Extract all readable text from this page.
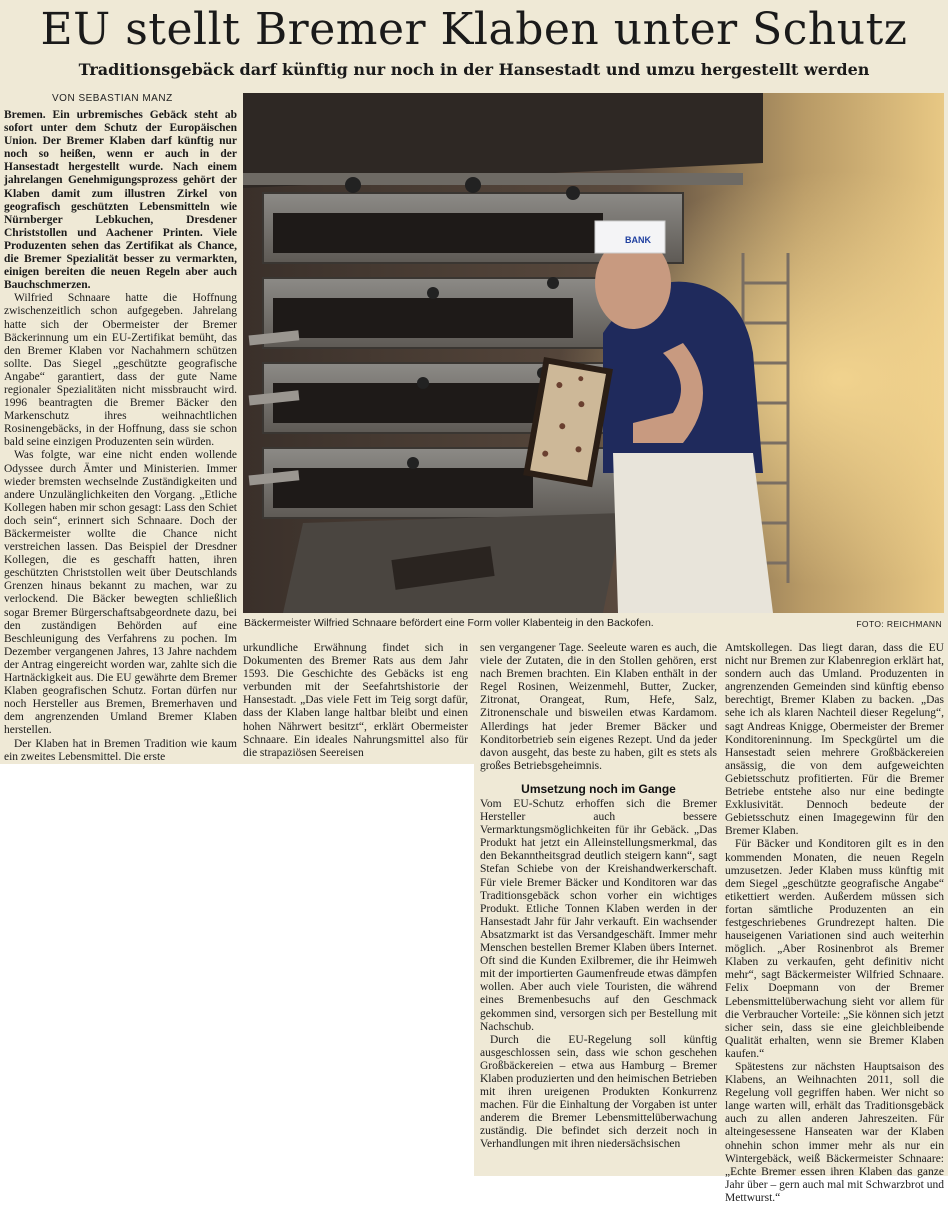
EU stellt Bremer Klaben unter Schutz
Traditionsgebäck darf künftig nur noch in der Hansestadt und umzu hergestellt werden
VON SEBASTIAN MANZ

Bremen. Ein urbremisches Gebäck steht ab sofort unter dem Schutz der Europäischen Union. Der Bremer Klaben darf künftig nur noch so heißen, wenn er auch in der Hansestadt hergestellt wurde. Nach einem jahrelangen Genehmigungsprozess gehört der Klaben damit zum illustren Zirkel von geografisch geschützten Lebensmitteln wie Nürnberger Lebkuchen, Dresdener Christstollen und Aachener Printen. Viele Produzenten sehen das Zertifikat als Chance, die Bremer Spezialität besser zu vermarkten, einigen bereiten die neuen Regeln aber auch Bauchschmerzen.

Wilfried Schnaare hatte die Hoffnung zwischenzeitlich schon aufgegeben. Jahrelang hatte sich der Obermeister der Bremer Bäckerinnung um ein EU-Zertifikat bemüht, das den Bremer Klaben vor Nachahmern schützen sollte. Das Siegel „geschützte geografische Angabe“ garantiert, dass der gute Name regionaler Spezialitäten nicht missbraucht wird. 1996 beantragten die Bremer Bäcker den Markenschutz ihres weihnachtlichen Rosinengebäcks, in der Hoffnung, dass sie schon bald seine einzigen Produzenten sein würden.

Was folgte, war eine nicht enden wollende Odyssee durch Ämter und Ministerien. Immer wieder bremsten wechselnde Zuständigkeiten und andere Unzulänglichkeiten den Vorgang. „Etliche Kollegen haben mir schon gesagt: Lass den Schiet doch sein“, erinnert sich Schnaare. Doch der Bäckermeister wollte die Chance nicht verstreichen lassen. Das Beispiel der Dresdner Kollegen, die es geschafft hatten, ihren geschützten Christstollen weit über Deutschlands Grenzen hinaus bekannt zu machen, war zu verlockend. Die Bäcker bewegten schließlich sogar Bremer Bürgerschaftsabgeordnete dazu, bei den zuständigen Behörden auf eine Beschleunigung des Verfahrens zu pochen. Im Dezember vergangenen Jahres, 13 Jahre nachdem der Antrag eingereicht worden war, zahlte sich die Hartnäckigkeit aus. Die EU gewährte dem Bremer Klaben geografischen Schutz. Fortan dürfen nur noch Hersteller aus Bremen, Bremerhaven und dem angrenzenden Umland Bremer Klaben herstellen.

Der Klaben hat in Bremen Tradition wie kaum ein zweites Lebensmittel. Die erste

BANK
Bäckermeister Wilfried Schnaare befördert eine Form voller Klabenteig in den Backofen.	FOTO: REICHMANN

urkundliche Erwähnung findet sich in Dokumenten des Bremer Rats aus dem Jahr 1593. Die Geschichte des Gebäcks ist eng verbunden mit der Seefahrtshistorie der Hansestadt. „Das viele Fett im Teig sorgt dafür, dass der Klaben lange haltbar bleibt und einen hohen Nährwert besitzt“, erklärt Obermeister Schnaare. Ein ideales Nahrungsmittel also für die strapaziösen Seereisen

sen vergangener Tage. Seeleute waren es auch, die viele der Zutaten, die in den Stollen gehören, erst nach Bremen brachten. Ein Klaben enthält in der Regel Rosinen, Weizenmehl, Butter, Zucker, Zitronat, Orangeat, Rum, Hefe, Salz, Zitronenschale und bisweilen etwas Kardamom. Allerdings hat jeder Bremer Bäcker und Konditorbetrieb sein eigenes Rezept. Und da jeder davon ausgeht, das beste zu haben, gilt es stets als großes Betriebsgeheimnis.

Umsetzung noch im Gange

Vom EU-Schutz erhoffen sich die Bremer Hersteller auch bessere Vermarktungsmöglichkeiten für ihr Gebäck. „Das Produkt hat jetzt ein Alleinstellungsmerkmal, das den Bekanntheitsgrad deutlich steigern kann“, sagt Stefan Schiebe von der Kreishandwerkerschaft. Für viele Bremer Bäcker und Konditoren war das Traditionsgebäck schon vorher ein wichtiges Produkt. Etliche Tonnen Klaben werden in der Hansestadt Jahr für Jahr verkauft. Ein wachsender Absatzmarkt ist das Versandgeschäft. Immer mehr Menschen bestellen Bremer Klaben übers Internet. Oft sind die Kunden Exilbremer, die ihr Heimweh mit der importierten Gaumenfreude etwas dämpfen wollen. Aber auch viele Touristen, die während eines Bremenbesuchs auf den Geschmack gekommen sind, versorgen sich per Bestellung mit Nachschub.

Durch die EU-Regelung soll künftig ausgeschlossen sein, dass wie schon geschehen Großbäckereien – etwa aus Hamburg – Bremer Klaben produzierten und den heimischen Betrieben mit ihren ureigenen Produkten Konkurrenz machen. Für die Einhaltung der Vorgaben ist unter anderem die Bremer Lebensmittelüberwachung zuständig. Die befindet sich derzeit noch in Verhandlungen mit ihren niedersächsischen

Amtskollegen. Das liegt daran, dass die EU nicht nur Bremen zur Klabenregion erklärt hat, sondern auch das Umland. Produzenten in angrenzenden Gemeinden sind künftig ebenso berechtigt, Bremer Klaben zu backen. „Das sehe ich als klaren Nachteil dieser Regelung“, sagt Andreas Knigge, Obermeister der Bremer Konditoreninnung. Im Speckgürtel um die Hansestadt seien mehrere Großbäckereien ansässig, die von dem aufgeweichten Gebietsschutz profitierten. Für die Bremer Betriebe entstehe also nur eine bedingte Exklusivität. Dennoch bedeute der Gebietsschutz einen Imagegewinn für den Bremer Klaben.

Für Bäcker und Konditoren gilt es in den kommenden Monaten, die neuen Regeln umzusetzen. Jeder Klaben muss künftig mit dem Siegel „geschützte geografische Angabe“ etikettiert werden. Außerdem müssen sich fortan sämtliche Produzenten an ein festgeschriebenes Grundrezept halten. Die hauseigenen Variationen sind auch weiterhin möglich. „Aber Rosinenbrot als Bremer Klaben zu verkaufen, geht definitiv nicht mehr“, sagt Bäckermeister Wilfried Schnaare. Felix Doepmann von der Bremer Lebensmittelüberwachung sieht vor allem für die Verbraucher Vorteile: „Sie können sich jetzt sicher sein, dass sie eine gleichbleibende Qualität erhalten, wenn sie Bremer Klaben kaufen.“

Spätestens zur nächsten Hauptsaison des Klabens, an Weihnachten 2011, soll die Regelung voll gegriffen haben. Wer nicht so lange warten will, erhält das Traditionsgebäck auch zu allen anderen Jahreszeiten. Für alteingesessene Hanseaten war der Klaben ohnehin schon immer mehr als nur ein Wintergebäck, weiß Bäckermeister Schnaare: „Echte Bremer essen ihren Klaben das ganze Jahr über – gern auch mal mit Schwarzbrot und Mettwurst.“
